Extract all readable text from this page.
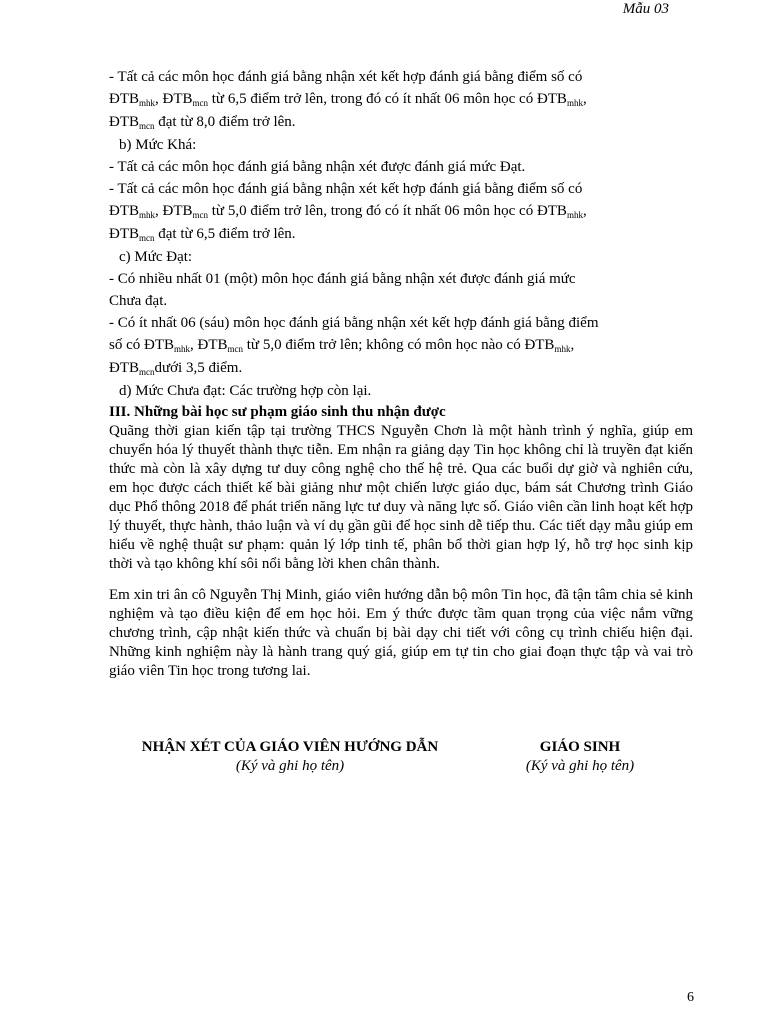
Mẫu 03
- Tất cả các môn học đánh giá bằng nhận xét kết hợp đánh giá bằng điểm số có
$ĐTB_{mhk}$, $ĐTB_{mcn}$ từ 6,5 điểm trở lên, trong đó có ít nhất 06 môn học có $ĐTB_{mhk}$,
$ĐTB_{mcn}$ đạt từ 8,0 điểm trở lên.
b) Mức Khá:
- Tất cả các môn học đánh giá bằng nhận xét được đánh giá mức Đạt.
- Tất cả các môn học đánh giá bằng nhận xét kết hợp đánh giá bằng điểm số có
$ĐTB_{mhk}$, $ĐTB_{mcn}$ từ 5,0 điểm trở lên, trong đó có ít nhất 06 môn học có $ĐTB_{mhk}$,
$ĐTB_{mcn}$ đạt từ 6,5 điểm trở lên.
c) Mức Đạt:
- Có nhiều nhất 01 (một) môn học đánh giá bằng nhận xét được đánh giá mức
Chưa đạt.
- Có ít nhất 06 (sáu) môn học đánh giá bằng nhận xét kết hợp đánh giá bằng điểm
số có $ĐTB_{mhk}$, $ĐTB_{mcn}$ từ 5,0 điểm trở lên; không có môn học nào có $ĐTB_{mhk}$,
$ĐTB_{mcn}dưới$ 3,5 điểm.
d) Mức Chưa đạt: Các trường hợp còn lại.
III. Những bài học sư phạm giáo sinh thu nhận được

Quãng thời gian kiến tập tại trường THCS Nguyễn Chơn là một hành trình ý nghĩa, giúp em chuyển hóa lý thuyết thành thực tiễn. Em nhận ra giảng dạy Tin học không chỉ là truyền đạt kiến thức mà còn là xây dựng tư duy công nghệ cho thế hệ trẻ. Qua các buổi dự giờ và nghiên cứu, em học được cách thiết kế bài giảng như một chiến lược giáo dục, bám sát Chương trình Giáo dục Phổ thông 2018 để phát triển năng lực tư duy và năng lực số. Giáo viên cần linh hoạt kết hợp lý thuyết, thực hành, thảo luận và ví dụ gần gũi để học sinh dễ tiếp thu. Các tiết dạy mẫu giúp em hiểu về nghệ thuật sư phạm: quản lý lớp tinh tế, phân bổ thời gian hợp lý, hỗ trợ học sinh kịp thời và tạo không khí sôi nổi bằng lời khen chân thành.

Em xin tri ân cô Nguyễn Thị Minh, giáo viên hướng dẫn bộ môn Tin học, đã tận tâm chia sẻ kinh nghiệm và tạo điều kiện để em học hỏi. Em ý thức được tầm quan trọng của việc nắm vững chương trình, cập nhật kiến thức và chuẩn bị bài dạy chi tiết với công cụ trình chiếu hiện đại. Những kinh nghiệm này là hành trang quý giá, giúp em tự tin cho giai đoạn thực tập và vai trò giáo viên Tin học trong tương lai.

NHẬN XÉT CỦA GIÁO VIÊN HƯỚNG DẪN
(Ký và ghi họ tên)
GIÁO SINH
(Ký và ghi họ tên)
6
